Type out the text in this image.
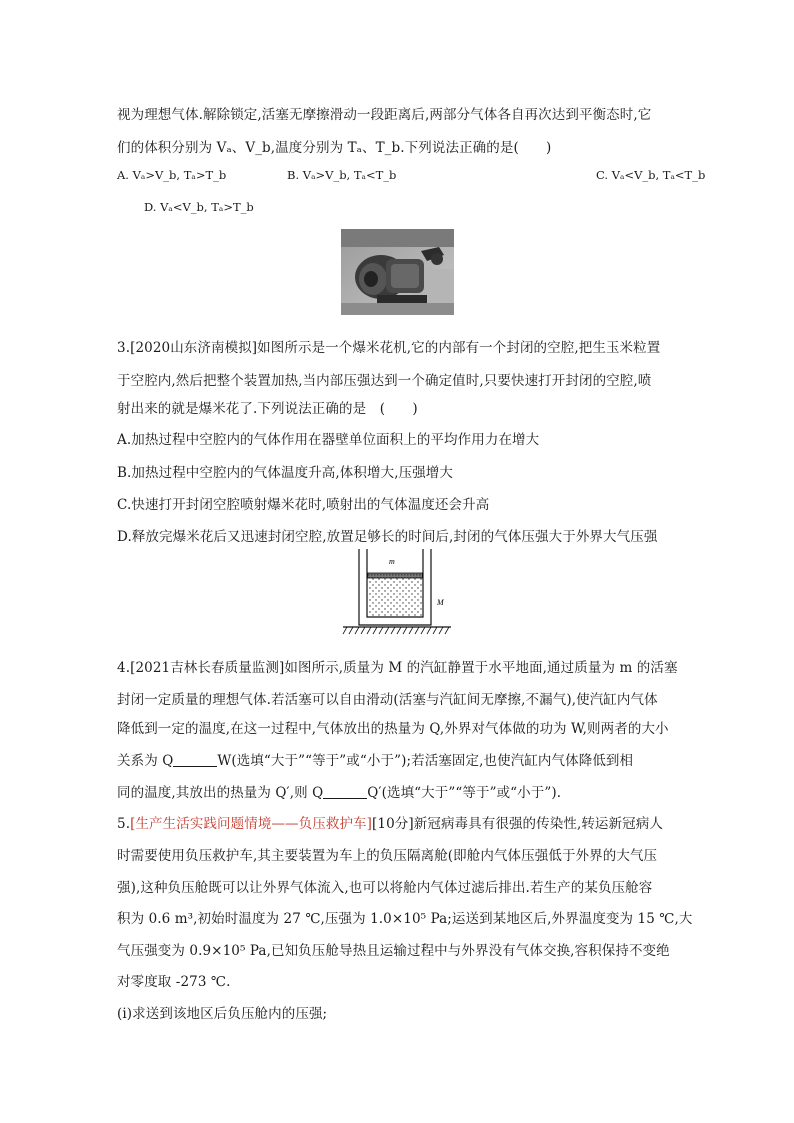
视为理想气体.解除锁定,活塞无摩擦滑动一段距离后,两部分气体各自再次达到平衡态时,它
们的体积分别为 Vₐ、V_b,温度分别为 Tₐ、T_b.下列说法正确的是(　　)
A. Vₐ>V_b, Tₐ>T_b	B. Vₐ>V_b, Tₐ<T_b	C. Vₐ<V_b, Tₐ<T_b
D. Vₐ<V_b, Tₐ>T_b
3.[2020山东济南模拟]如图所示是一个爆米花机,它的内部有一个封闭的空腔,把生玉米粒置
于空腔内,然后把整个装置加热,当内部压强达到一个确定值时,只要快速打开封闭的空腔,喷
射出来的就是爆米花了.下列说法正确的是　(　　)
A.加热过程中空腔内的气体作用在器壁单位面积上的平均作用力在增大
B.加热过程中空腔内的气体温度升高,体积增大,压强增大
C.快速打开封闭空腔喷射爆米花时,喷射出的气体温度还会升高
D.释放完爆米花后又迅速封闭空腔,放置足够长的时间后,封闭的气体压强大于外界大气压强
m
M
4.[2021吉林长春质量监测]如图所示,质量为 M 的汽缸静置于水平地面,通过质量为 m 的活塞
封闭一定质量的理想气体.若活塞可以自由滑动(活塞与汽缸间无摩擦,不漏气),使汽缸内气体
降低到一定的温度,在这一过程中,气体放出的热量为 Q,外界对气体做的功为 W,则两者的大小
关系为 Q	W(选填“大于”“等于”或“小于”);若活塞固定,也使汽缸内气体降低到相
同的温度,其放出的热量为 Q′,则 Q	Q′(选填“大于”“等于”或“小于”).
5.[生产生活实践问题情境——负压救护车][10分]新冠病毒具有很强的传染性,转运新冠病人
时需要使用负压救护车,其主要装置为车上的负压隔离舱(即舱内气体压强低于外界的大气压
强),这种负压舱既可以让外界气体流入,也可以将舱内气体过滤后排出.若生产的某负压舱容
积为 0.6 m³,初始时温度为 27 ℃,压强为 1.0×10⁵ Pa;运送到某地区后,外界温度变为 15 ℃,大
气压强变为 0.9×10⁵ Pa,已知负压舱导热且运输过程中与外界没有气体交换,容积保持不变绝
对零度取 -273 ℃.
(i)求送到该地区后负压舱内的压强;
